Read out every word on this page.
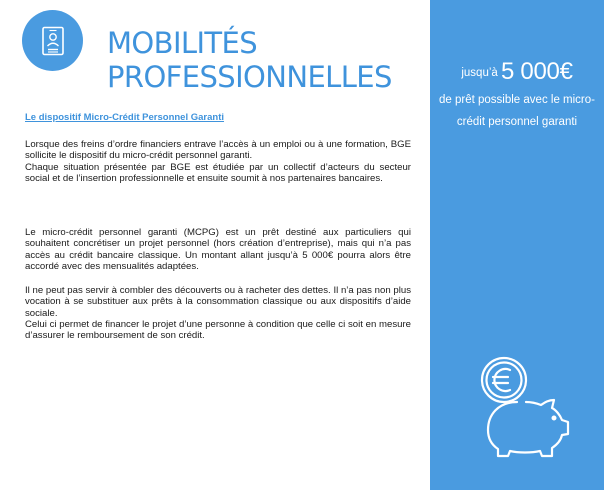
MOBILITÉS
PROFESSIONNELLES
Le dispositif Micro-Crédit Personnel Garanti

Lorsque des freins d’ordre financiers entrave l’accès à un emploi ou à une formation, BGE sollicite le dispositif du micro-crédit personnel garanti.

Chaque situation présentée par BGE est étudiée par un collectif d’acteurs du secteur social et de l’insertion professionnelle et ensuite soumit à nos partenaires bancaires.

Le micro-crédit personnel garanti (MCPG) est un prêt destiné aux particuliers qui souhaitent concrétiser un projet personnel (hors création d’entreprise), mais qui n’a pas accès au crédit bancaire classique. Un montant allant jusqu’à 5 000€ pourra alors être accordé avec des mensualités adaptées.

Il ne peut pas servir à combler des découverts ou à racheter des dettes. Il n’a pas non plus vocation à se substituer aux prêts à la consommation classique ou aux dispositifs d’aide sociale.

Celui ci permet de financer le projet d’une personne à condition que celle ci soit en mesure d’assurer le remboursement de son crédit.

jusqu’à 5 000€
de prêt possible avec le micro-crédit personnel garanti
